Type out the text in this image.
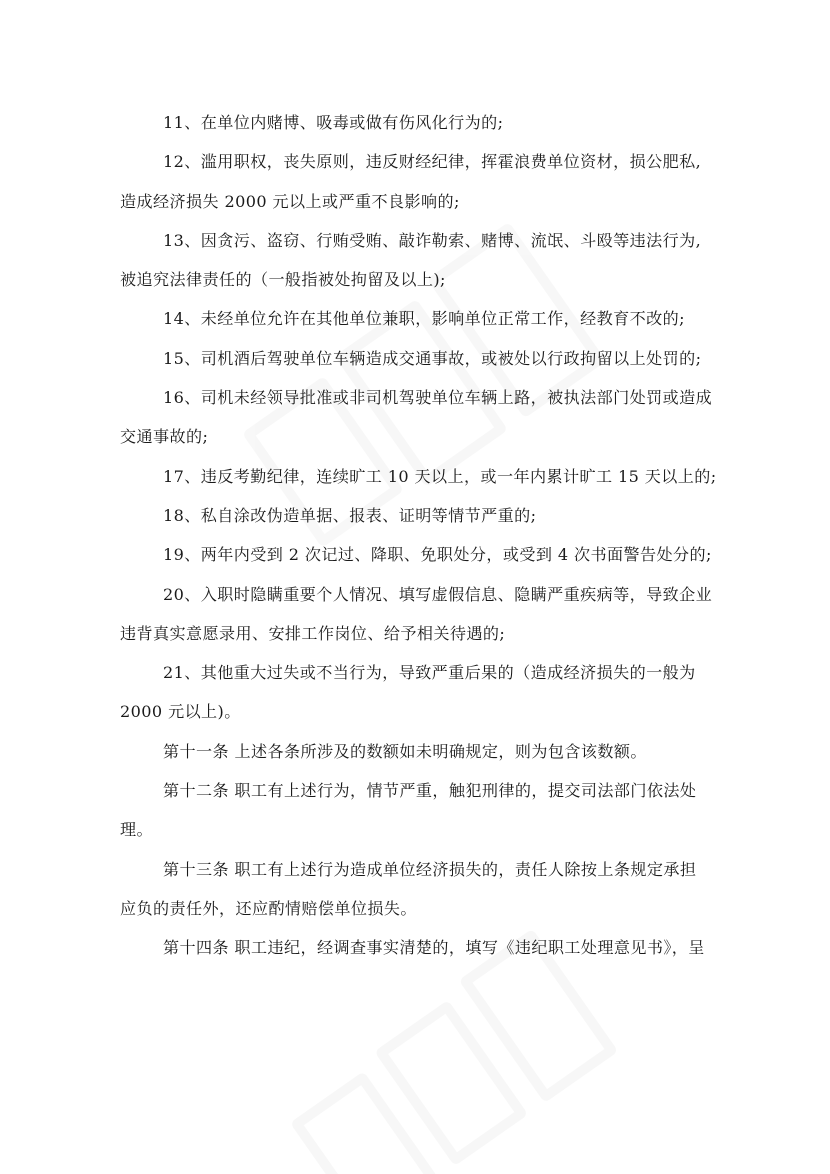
11、在单位内赌博、吸毒或做有伤风化行为的;
12、滥用职权，丧失原则，违反财经纪律，挥霍浪费单位资材，损公肥私,
造成经济损失 2000 元以上或严重不良影响的;
13、因贪污、盗窃、行贿受贿、敲诈勒索、赌博、流氓、斗殴等违法行为,
被追究法律责任的（一般指被处拘留及以上);
14、未经单位允许在其他单位兼职，影响单位正常工作，经教育不改的;
15、司机酒后驾驶单位车辆造成交通事故，或被处以行政拘留以上处罚的;
16、司机未经领导批准或非司机驾驶单位车辆上路，被执法部门处罚或造成
交通事故的;
17、违反考勤纪律，连续旷工 10 天以上，或一年内累计旷工 15 天以上的;
18、私自涂改伪造单据、报表、证明等情节严重的;
19、两年内受到 2 次记过、降职、免职处分，或受到 4 次书面警告处分的;
20、入职时隐瞒重要个人情况、填写虚假信息、隐瞒严重疾病等，导致企业
违背真实意愿录用、安排工作岗位、给予相关待遇的;
21、其他重大过失或不当行为，导致严重后果的（造成经济损失的一般为
2000 元以上)。
第十一条 上述各条所涉及的数额如未明确规定，则为包含该数额。
第十二条 职工有上述行为，情节严重，触犯刑律的，提交司法部门依法处
理。
第十三条 职工有上述行为造成单位经济损失的，责任人除按上条规定承担
应负的责任外，还应酌情赔偿单位损失。
第十四条 职工违纪，经调查事实清楚的，填写《违纪职工处理意见书》，呈
